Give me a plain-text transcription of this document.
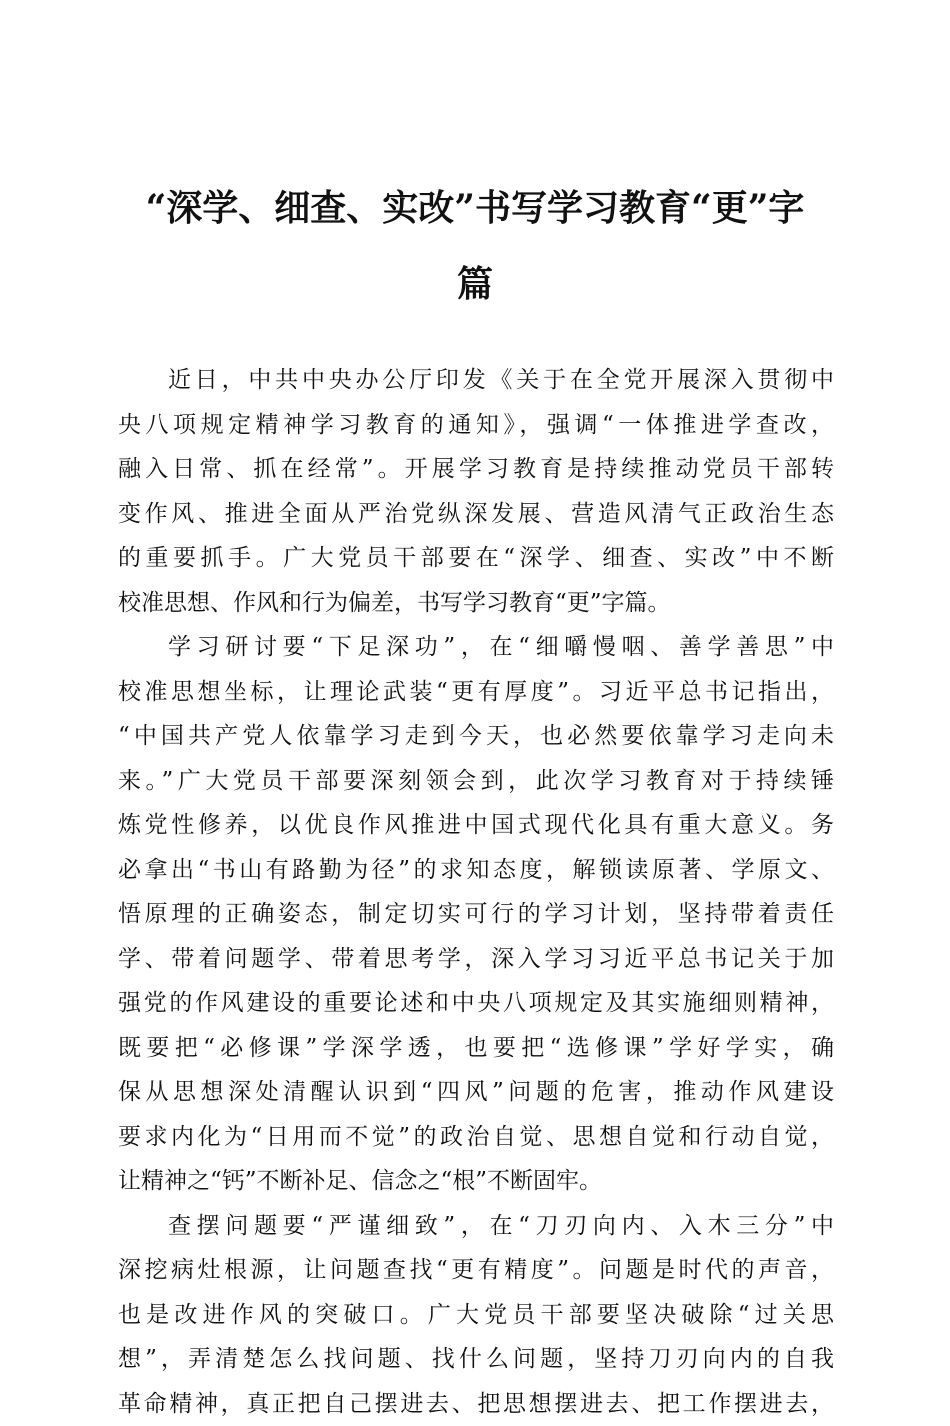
“深学、细查、实改”书写学习教育“更”字
篇
近日，中共中央办公厅印发《关于在全党开展深入贯彻中
央八项规定精神学习教育的通知》，强调“一体推进学查改，
融入日常、抓在经常”。开展学习教育是持续推动党员干部转
变作风、推进全面从严治党纵深发展、营造风清气正政治生态
的重要抓手。广大党员干部要在“深学、细查、实改”中不断
校准思想、作风和行为偏差，书写学习教育“更”字篇。
学习研讨要“下足深功”，在“细嚼慢咽、善学善思”中
校准思想坐标，让理论武装“更有厚度”。习近平总书记指出，
“中国共产党人依靠学习走到今天，也必然要依靠学习走向未
来。”广大党员干部要深刻领会到，此次学习教育对于持续锤
炼党性修养，以优良作风推进中国式现代化具有重大意义。务
必拿出“书山有路勤为径”的求知态度，解锁读原著、学原文、
悟原理的正确姿态，制定切实可行的学习计划，坚持带着责任
学、带着问题学、带着思考学，深入学习习近平总书记关于加
强党的作风建设的重要论述和中央八项规定及其实施细则精神，
既要把“必修课”学深学透，也要把“选修课”学好学实，确
保从思想深处清醒认识到“四风”问题的危害，推动作风建设
要求内化为“日用而不觉”的政治自觉、思想自觉和行动自觉，
让精神之“钙”不断补足、信念之“根”不断固牢。
查摆问题要“严谨细致”，在“刀刃向内、入木三分”中
深挖病灶根源，让问题查找“更有精度”。问题是时代的声音，
也是改进作风的突破口。广大党员干部要坚决破除“过关思
想”，弄清楚怎么找问题、找什么问题，坚持刀刃向内的自我
革命精神，真正把自己摆进去、把思想摆进去、把工作摆进去，
